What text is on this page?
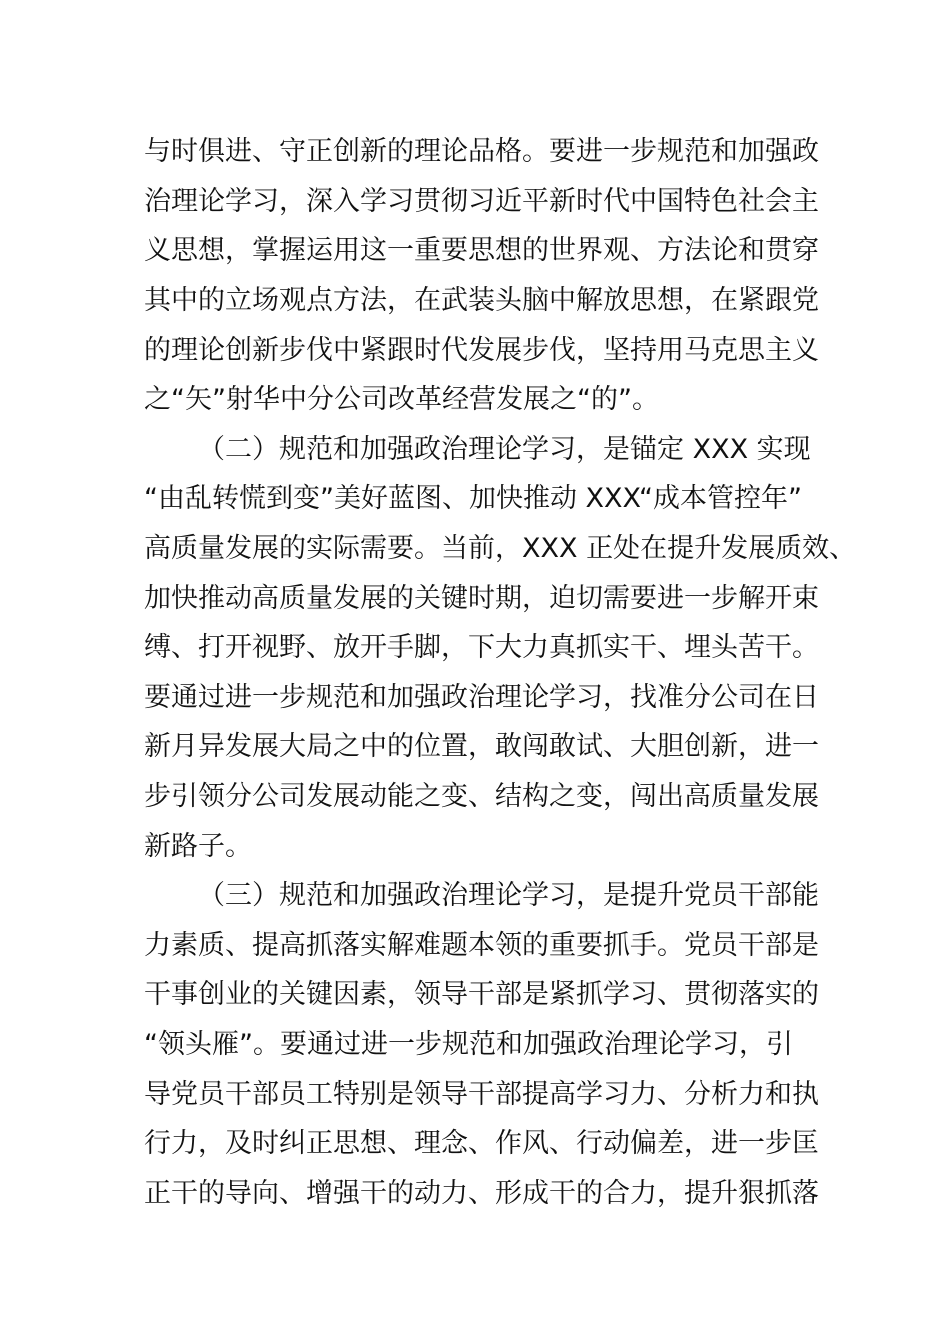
与时俱进、守正创新的理论品格。要进一步规范和加强政
治理论学习，深入学习贯彻习近平新时代中国特色社会主
义思想，掌握运用这一重要思想的世界观、方法论和贯穿
其中的立场观点方法，在武装头脑中解放思想，在紧跟党
的理论创新步伐中紧跟时代发展步伐，坚持用马克思主义
之“矢”射华中分公司改革经营发展之“的”。
（二）规范和加强政治理论学习，是锚定 XXX 实现
“由乱转慌到变”美好蓝图、加快推动 XXX“成本管控年”
高质量发展的实际需要。当前，XXX 正处在提升发展质效、
加快推动高质量发展的关键时期，迫切需要进一步解开束
缚、打开视野、放开手脚，下大力真抓实干、埋头苦干。
要通过进一步规范和加强政治理论学习，找准分公司在日
新月异发展大局之中的位置，敢闯敢试、大胆创新，进一
步引领分公司发展动能之变、结构之变，闯出高质量发展
新路子。
（三）规范和加强政治理论学习，是提升党员干部能
力素质、提高抓落实解难题本领的重要抓手。党员干部是
干事创业的关键因素，领导干部是紧抓学习、贯彻落实的
“领头雁”。要通过进一步规范和加强政治理论学习，引
导党员干部员工特别是领导干部提高学习力、分析力和执
行力，及时纠正思想、理念、作风、行动偏差，进一步匡
正干的导向、增强干的动力、形成干的合力，提升狠抓落
